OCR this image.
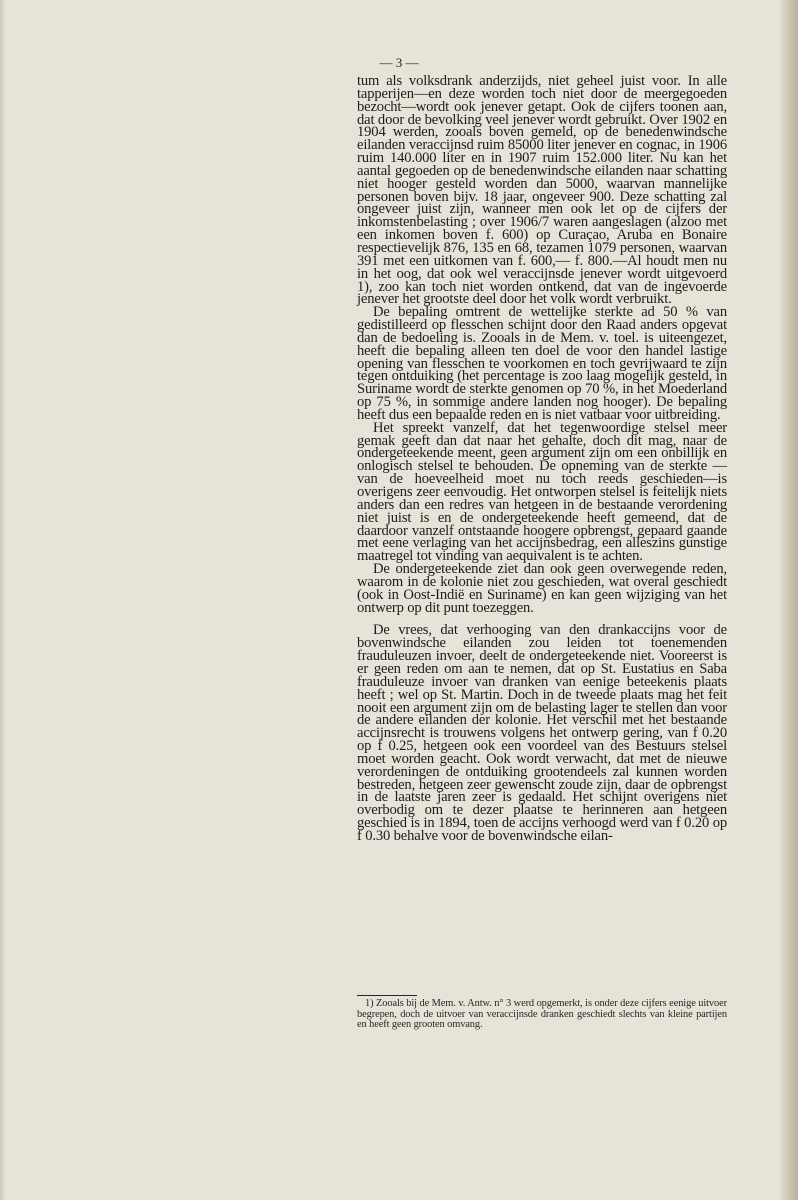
— 3 —

tum als volksdrank anderzijds, niet geheel juist voor. In alle tapperijen—en deze worden toch niet door de meergegoeden bezocht—wordt ook jenever getapt. Ook de cijfers toonen aan, dat door de bevolking veel jenever wordt gebruikt. Over 1902 en 1904 werden, zooals boven gemeld, op de benedenwindsche eilanden veraccijnsd ruim 85000 liter jenever en cognac, in 1906 ruim 140.000 liter en in 1907 ruim 152.000 liter. Nu kan het aantal gegoeden op de benedenwindsche eilanden naar schatting niet hooger gesteld worden dan 5000, waarvan mannelijke personen boven bijv. 18 jaar, ongeveer 900. Deze schatting zal ongeveer juist zijn, wanneer men ook let op de cijfers der inkomstenbelasting ; over 1906/7 waren aangeslagen (alzoo met een inkomen boven f. 600) op Curaçao, Aruba en Bonaire respectievelijk 876, 135 en 68, tezamen 1079 personen, waarvan 391 met een uitkomen van f. 600,— f. 800.—Al houdt men nu in het oog, dat ook wel veraccijnsde jenever wordt uitgevoerd 1), zoo kan toch niet worden ontkend, dat van de ingevoerde jenever het grootste deel door het volk wordt verbruikt.

De bepaling omtrent de wettelijke sterkte ad 50 % van gedistilleerd op flesschen schijnt door den Raad anders opgevat dan de bedoeling is. Zooals in de Mem. v. toel. is uiteengezet, heeft die bepaling alleen ten doel de voor den handel lastige opening van flesschen te voorkomen en toch gevrijwaard te zijn tegen ontduiking (het percentage is zoo laag mogelijk gesteld, in Suriname wordt de sterkte genomen op 70 %, in het Moederland op 75 %, in sommige andere landen nog hooger). De bepaling heeft dus een bepaalde reden en is niet vatbaar voor uitbreiding.

Het spreekt vanzelf, dat het tegenwoordige stelsel meer gemak geeft dan dat naar het gehalte, doch dit mag, naar de ondergeteekende meent, geen argument zijn om een onbillijk en onlogisch stelsel te behouden. De opneming van de sterkte — van de hoeveelheid moet nu toch reeds geschieden—is overigens zeer eenvoudig. Het ontworpen stelsel is feitelijk niets anders dan een redres van hetgeen in de bestaande verordening niet juist is en de ondergeteekende heeft gemeend, dat de daardoor vanzelf ontstaande hoogere opbrengst, gepaard gaande met eene verlaging van het accijnsbedrag, een alleszins gunstige maatregel tot vinding van aequivalent is te achten.

De ondergeteekende ziet dan ook geen overwegende reden, waarom in de kolonie niet zou geschieden, wat overal geschiedt (ook in Oost-Indië en Suriname) en kan geen wijziging van het ontwerp op dit punt toezeggen.

De vrees, dat verhooging van den drankaccijns voor de bovenwindsche eilanden zou leiden tot toenemenden frauduleuzen invoer, deelt de ondergeteekende niet. Vooreerst is er geen reden om aan te nemen, dat op St. Eustatius en Saba frauduleuze invoer van dranken van eenige beteekenis plaats heeft ; wel op St. Martin. Doch in de tweede plaats mag het feit nooit een argument zijn om de belasting lager te stellen dan voor de andere eilanden der kolonie. Het verschil met het bestaande accijnsrecht is trouwens volgens het ontwerp gering, van f 0.20 op f 0.25, hetgeen ook een voordeel van des Bestuurs stelsel moet worden geacht. Ook wordt verwacht, dat met de nieuwe verordeningen de ontduiking grootendeels zal kunnen worden bestreden, hetgeen zeer gewenscht zoude zijn, daar de opbrengst in de laatste jaren zeer is gedaald. Het schijnt overigens niet overbodig om te dezer plaatse te herinneren aan hetgeen geschied is in 1894, toen de accijns verhoogd werd van f 0.20 op f 0.30 behalve voor de bovenwindsche eilan-

1) Zooals bij de Mem. v. Antw. n° 3 werd opgemerkt, is onder deze cijfers eenige uitvoer begrepen, doch de uitvoer van veraccijnsde dranken geschiedt slechts van kleine partijen en heeft geen grooten omvang.
